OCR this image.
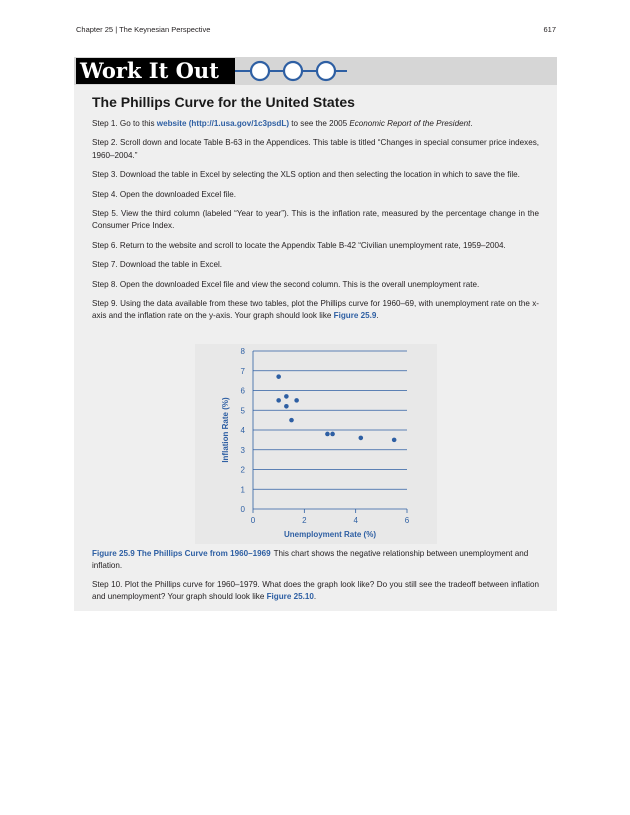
Chapter 25 | The Keynesian Perspective	617
Work It Out
The Phillips Curve for the United States

Step 1. Go to this website (http://1.usa.gov/1c3psdL) to see the 2005 Economic Report of the President.

Step 2. Scroll down and locate Table B-63 in the Appendices. This table is titled “Changes in special consumer price indexes, 1960–2004.”

Step 3. Download the table in Excel by selecting the XLS option and then selecting the location in which to save the file.

Step 4. Open the downloaded Excel file.

Step 5. View the third column (labeled “Year to year”). This is the inflation rate, measured by the percentage change in the Consumer Price Index.

Step 6. Return to the website and scroll to locate the Appendix Table B-42 “Civilian unemployment rate, 1959–2004.

Step 7. Download the table in Excel.

Step 8. Open the downloaded Excel file and view the second column. This is the overall unemployment rate.

Step 9. Using the data available from these two tables, plot the Phillips curve for 1960–69, with unemployment rate on the x-axis and the inflation rate on the y-axis. Your graph should look like Figure 25.9.

0
1
2
3
4
5
6
7
8
0	2	4	6
Unemployment Rate (%)
Inflation Rate (%)
Figure 25.9 The Phillips Curve from 1960–1969 This chart shows the negative relationship between unemployment and inflation.

Step 10. Plot the Phillips curve for 1960–1979. What does the graph look like? Do you still see the tradeoff between inflation and unemployment? Your graph should look like Figure 25.10.
